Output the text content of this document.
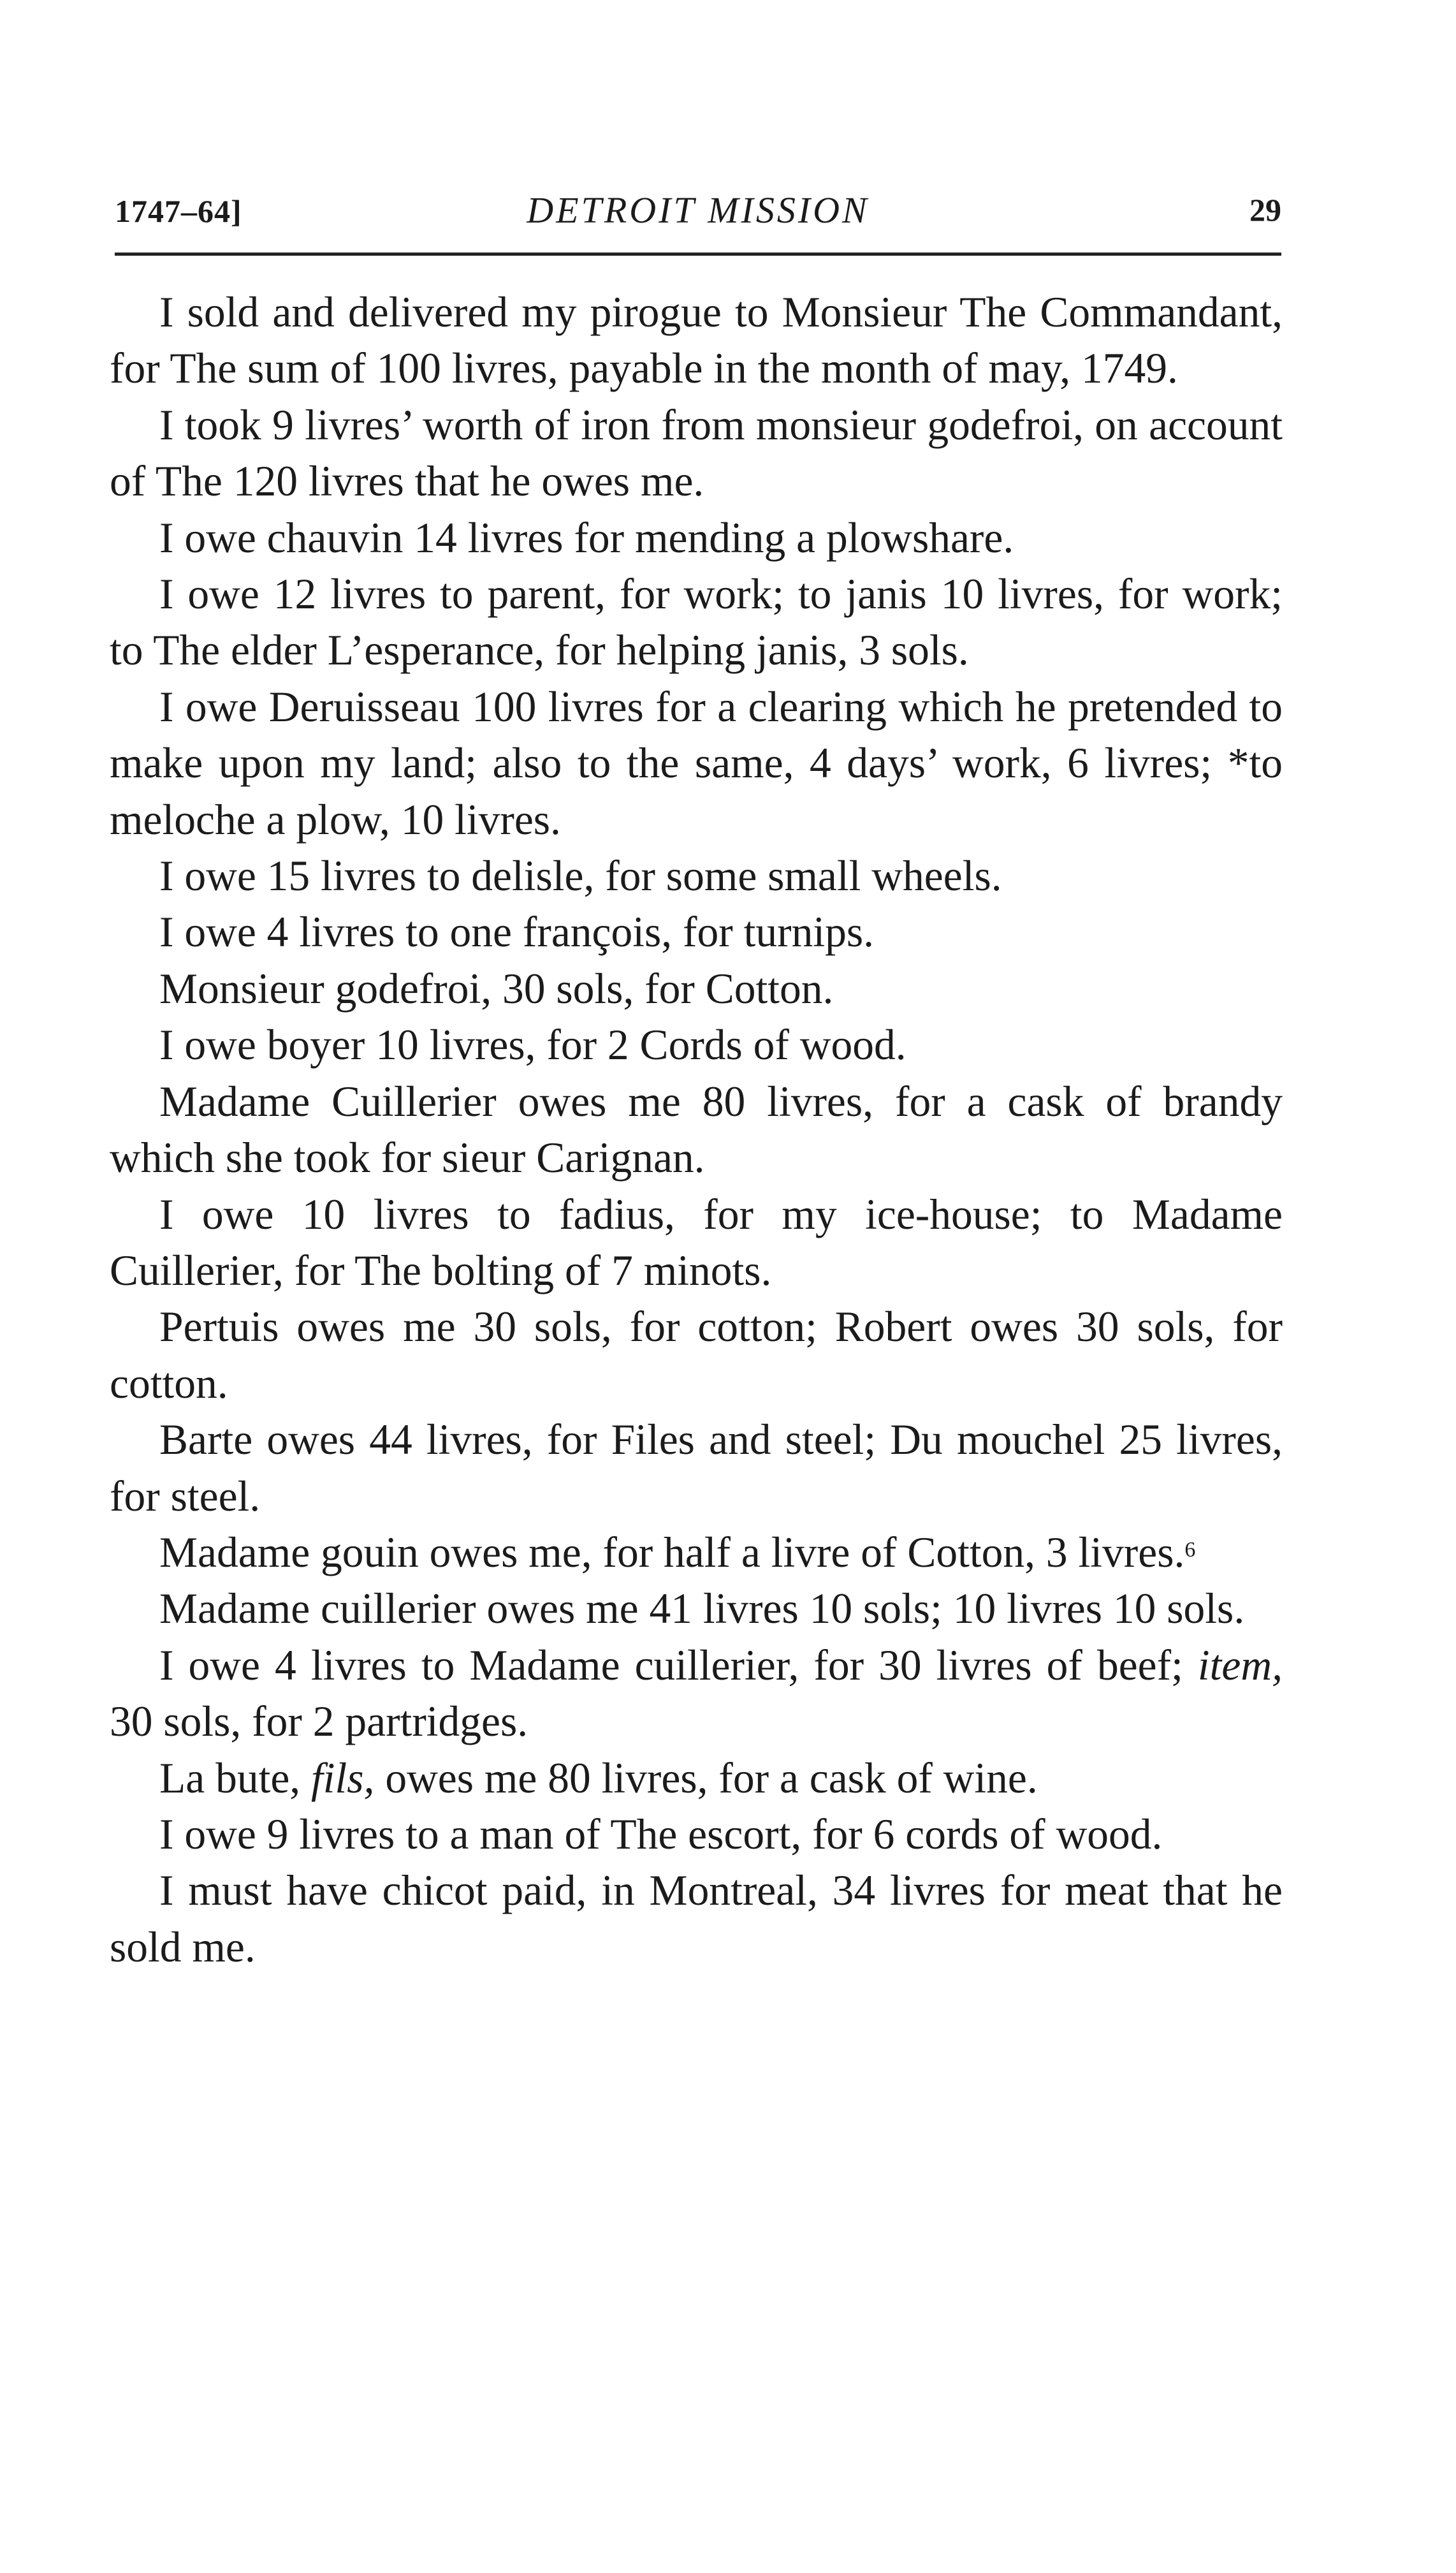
1747–64]	DETROIT MISSION	29

I sold and delivered my pirogue to Monsieur The Commandant, for The sum of 100 livres, payable in the month of may, 1749.

I took 9 livres’ worth of iron from monsieur godefroi, on account of The 120 livres that he owes me.

I owe chauvin 14 livres for mending a plowshare.

I owe 12 livres to parent, for work; to janis 10 livres, for work; to The elder L’esperance, for helping janis, 3 sols.

I owe Deruisseau 100 livres for a clearing which he pretended to make upon my land; also to the same, 4 days’ work, 6 livres; *to meloche a plow, 10 livres.

I owe 15 livres to delisle, for some small wheels.

I owe 4 livres to one françois, for turnips.

Monsieur godefroi, 30 sols, for Cotton.

I owe boyer 10 livres, for 2 Cords of wood.

Madame Cuillerier owes me 80 livres, for a cask of brandy which she took for sieur Carignan.

I owe 10 livres to fadius, for my ice-house; to Madame Cuillerier, for The bolting of 7 minots.

Pertuis owes me 30 sols, for cotton; Robert owes 30 sols, for cotton.

Barte owes 44 livres, for Files and steel; Du mouchel 25 livres, for steel.

Madame gouin owes me, for half a livre of Cotton, 3 livres.$^6$

Madame cuillerier owes me 41 livres 10 sols; 10 livres 10 sols.

I owe 4 livres to Madame cuillerier, for 30 livres of beef; item, 30 sols, for 2 partridges.

La bute, fils, owes me 80 livres, for a cask of wine.

I owe 9 livres to a man of The escort, for 6 cords of wood.

I must have chicot paid, in Montreal, 34 livres for meat that he sold me.
